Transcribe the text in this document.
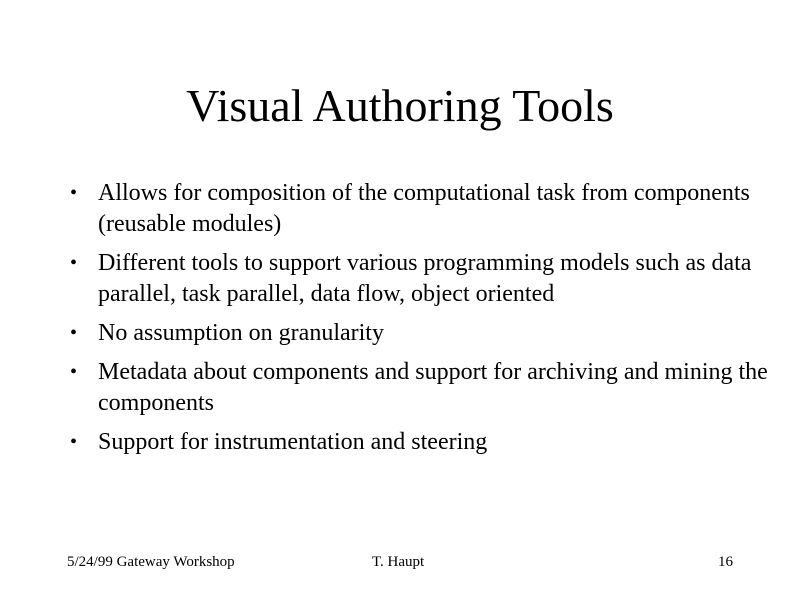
Visual Authoring Tools
• Allows for composition of the computational task from components (reusable modules)
• Different tools to support various programming models such as data parallel, task parallel, data flow, object oriented
• No assumption on granularity
• Metadata about components and support for archiving and mining the components
• Support for instrumentation and steering
5/24/99 Gateway Workshop	T. Haupt	16
